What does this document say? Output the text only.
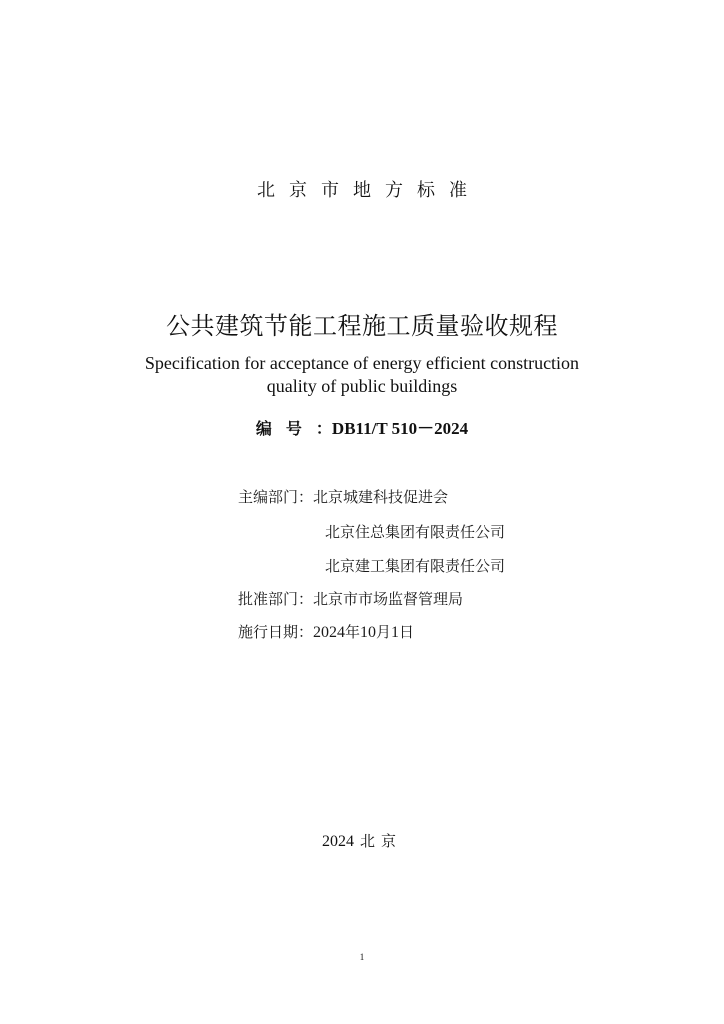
北京市地方标准
公共建筑节能工程施工质量验收规程
Specification for acceptance of energy efficient construction
quality of public buildings
编号：DB11/T 510－2024
主编部门：北京城建科技促进会
北京住总集团有限责任公司
北京建工集团有限责任公司
批准部门：北京市市场监督管理局
施行日期：2024年10月1日
2024 北京
1
